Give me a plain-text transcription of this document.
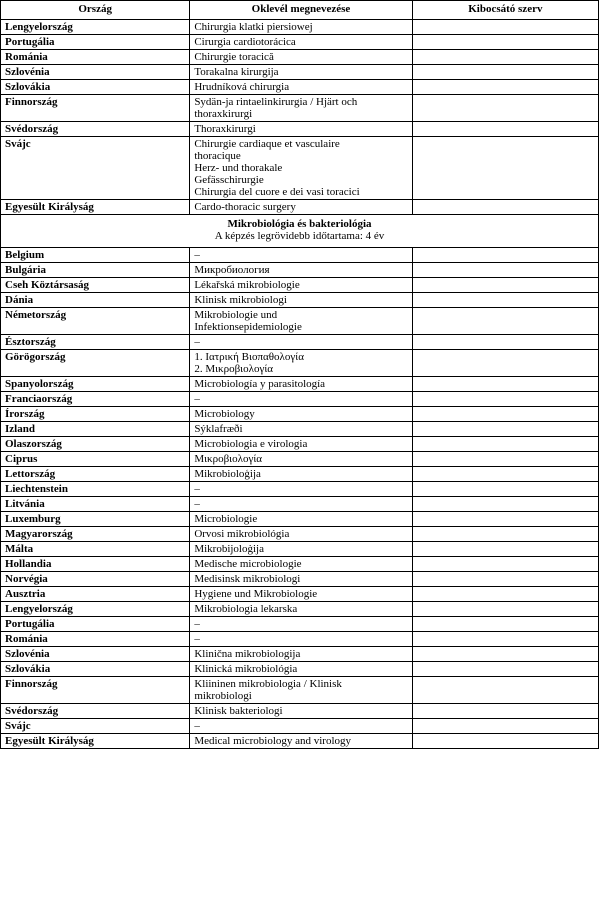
Ország	Oklevél megnevezése	Kibocsátó szerv
Lengyelország	Chirurgia klatki piersiowej	

Portugália	Cirurgia cardiotorácica	

Románia	Chirurgie toracică	

Szlovénia	Torakalna kirurgija	

Szlovákia	Hrudníková chirurgia	

Finnország	Sydän-ja rintaelinkirurgia / Hjärt och
thoraxkirurgi	

Svédország	Thoraxkirurgi	

Svájc	Chirurgie cardiaque et vasculaire
thoracique
Herz- und thorakale
Gefässchirurgie
Chirurgia del cuore e dei vasi toracici	

Egyesült Királyság	Cardo-thoracic surgery	

Mikrobiológia és bakteriológia
A képzés legrövidebb időtartama: 4 év		

Belgium	–	

Bulgária	Микробиология	

Cseh Köztársaság	Lékařská mikrobiologie	

Dánia	Klinisk mikrobiologi	

Németország	Mikrobiologie und
Infektionsepidemiologie	

Észtország	–	

Görögország	1. Ιατρική Βιοπαθολογία
2. Μικροβιολογία	

Spanyolország	Microbiología y parasitología	

Franciaország	–	

Írország	Microbiology	

Izland	Sýklafræði	

Olaszország	Microbiologia e virologia	

Ciprus	Μικροβιολογία	

Lettország	Mikrobioloģija	

Liechtenstein	–	

Litvánia	–	

Luxemburg	Microbiologie	

Magyarország	Orvosi mikrobiológia	

Málta	Mikrobijoloġija	

Hollandia	Medische microbiologie	

Norvégia	Medisinsk mikrobiologi	

Ausztria	Hygiene und Mikrobiologie	

Lengyelország	Mikrobiologia lekarska	

Portugália	–	

Románia	–	

Szlovénia	Klinična mikrobiologija	

Szlovákia	Klinická mikrobiológia	

Finnország	Kliininen mikrobiologia / Klinisk
mikrobiologi	

Svédország	Klinisk bakteriologi	

Svájc	–	

Egyesült Királyság	Medical microbiology and virology	
